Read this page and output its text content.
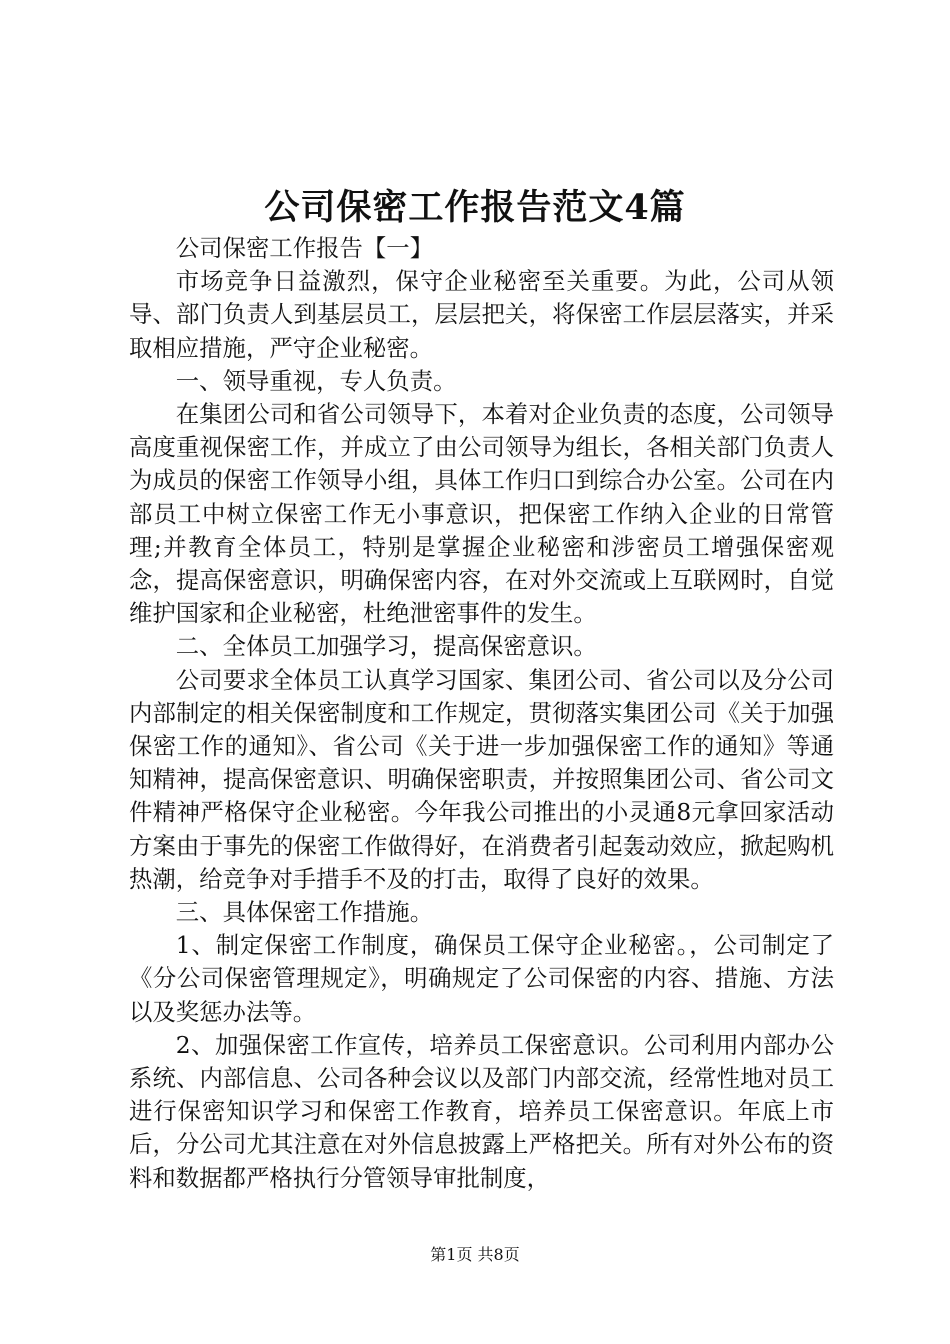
公司保密工作报告范文4篇

公司保密工作报告【一】

市场竞争日益激烈，保守企业秘密至关重要。为此，公司从领导、部门负责人到基层员工，层层把关，将保密工作层层落实，并采取相应措施，严守企业秘密。

一、领导重视，专人负责。

在集团公司和省公司领导下，本着对企业负责的态度，公司领导高度重视保密工作，并成立了由公司领导为组长，各相关部门负责人为成员的保密工作领导小组，具体工作归口到综合办公室。公司在内部员工中树立保密工作无小事意识，把保密工作纳入企业的日常管理;并教育全体员工，特别是掌握企业秘密和涉密员工增强保密观念，提高保密意识，明确保密内容，在对外交流或上互联网时，自觉维护国家和企业秘密，杜绝泄密事件的发生。

二、全体员工加强学习，提高保密意识。

公司要求全体员工认真学习国家、集团公司、省公司以及分公司内部制定的相关保密制度和工作规定，贯彻落实集团公司《关于加强保密工作的通知》、省公司《关于进一步加强保密工作的通知》等通知精神，提高保密意识、明确保密职责，并按照集团公司、省公司文件精神严格保守企业秘密。今年我公司推出的小灵通8元拿回家活动方案由于事先的保密工作做得好，在消费者引起轰动效应，掀起购机热潮，给竞争对手措手不及的打击，取得了良好的效果。

三、具体保密工作措施。

1、制定保密工作制度，确保员工保守企业秘密。，公司制定了《分公司保密管理规定》，明确规定了公司保密的内容、措施、方法以及奖惩办法等。

2、加强保密工作宣传，培养员工保密意识。公司利用内部办公系统、内部信息、公司各种会议以及部门内部交流，经常性地对员工进行保密知识学习和保密工作教育，培养员工保密意识。年底上市后，分公司尤其注意在对外信息披露上严格把关。所有对外公布的资料和数据都严格执行分管领导审批制度，

第1页 共8页
